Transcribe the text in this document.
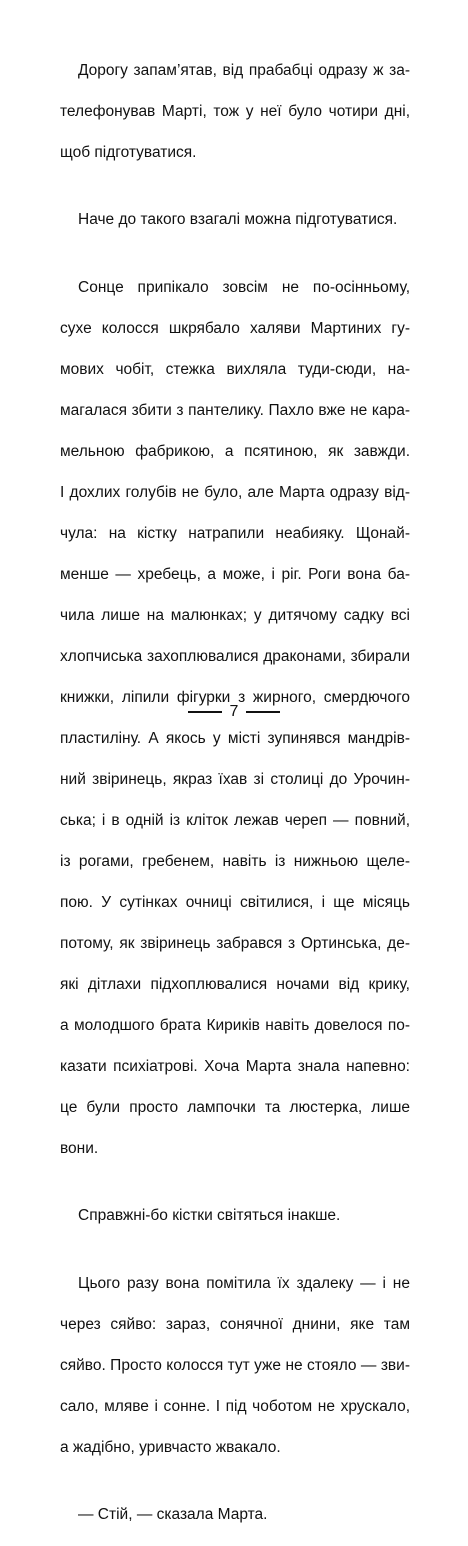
Дорогу запам’ятав, від прабабці одразу ж зa-

телефонував Марті, тож у неї було чотири дні,

щоб підготуватися.

Наче до такого взагалі можна підготуватися.

Сонце припікало зовсім не по-осінньому,

сухе колосся шкрябало халяви Мартиних гу-

мових чобіт, стежка вихляла туди-сюди, на-

магалася збити з пантелику. Пахло вже не кара-

мельною фабрикою, а псятиною, як завжди.

І дохлих голубів не було, але Марта одразу від-

чула: на кістку натрапили неабияку. Щонай-

менше — хребець, а може, і ріг. Роги вона ба-

чила лише на малюнках; у дитячому садку всі

хлопчиська захоплювалися драконами, збирали

книжки, ліпили фігурки з жирного, смердючого

пластиліну. А якось у місті зупинявся мандрів-

ний звіринець, якраз їхав зі столиці до Урочин-

ська; і в одній із кліток лежав череп — повний,

із рогами, гребенем, навіть із нижньою щеле-

пою. У сутінках очниці світилися, і ще місяць

потому, як звіринець забрався з Ортинська, де-

які дітлахи підхоплювалися ночами від крику,

а молодшого брата Кириків навіть довелося по-

казати психіатрові. Хоча Марта знала напевно:

це були просто лампочки та люстерка, лише

вони.

Справжні-бо кістки світяться інакше.

Цього разу вона помітила їх здалеку — і не

через сяйво: зараз, сонячної днини, яке там

сяйво. Просто колосся тут уже не стояло — зви-

сало, мляве і сонне. І під чоботом не хрускало,

а жадібно, уривчасто жвакало.

— Стій, — сказала Марта.

7
